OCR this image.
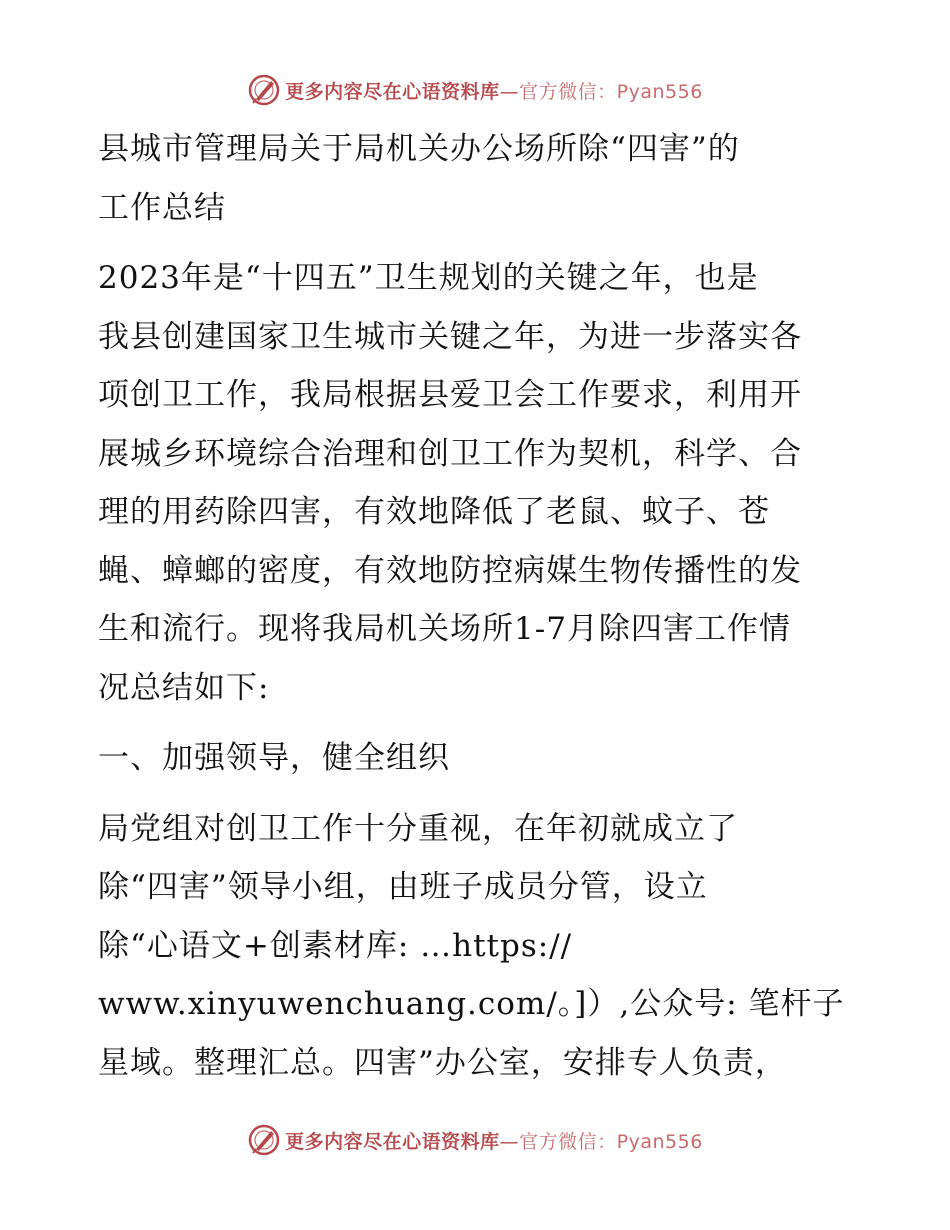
更多内容尽在心语资料库—官方微信：Pyan556
县城市管理局关于局机关办公场所除“四害”的
工作总结
2023年是“十四五”卫生规划的关键之年，也是
我县创建国家卫生城市关键之年，为进一步落实各
项创卫工作，我局根据县爱卫会工作要求，利用开
展城乡环境综合治理和创卫工作为契机，科学、合
理的用药除四害，有效地降低了老鼠、蚊子、苍
蝇、蟑螂的密度，有效地防控病媒生物传播性的发
生和流行。现将我局机关场所1-7月除四害工作情
况总结如下:
一、加强领导，健全组织
局党组对创卫工作十分重视，在年初就成立了
除“四害”领导小组，由班子成员分管，设立
除“心语文+创素材库: …https://
www.xinyuwenchuang.com/。]）,公众号: 笔杆子
星域。整理汇总。四害”办公室，安排专人负责，
更多内容尽在心语资料库—官方微信：Pyan556
